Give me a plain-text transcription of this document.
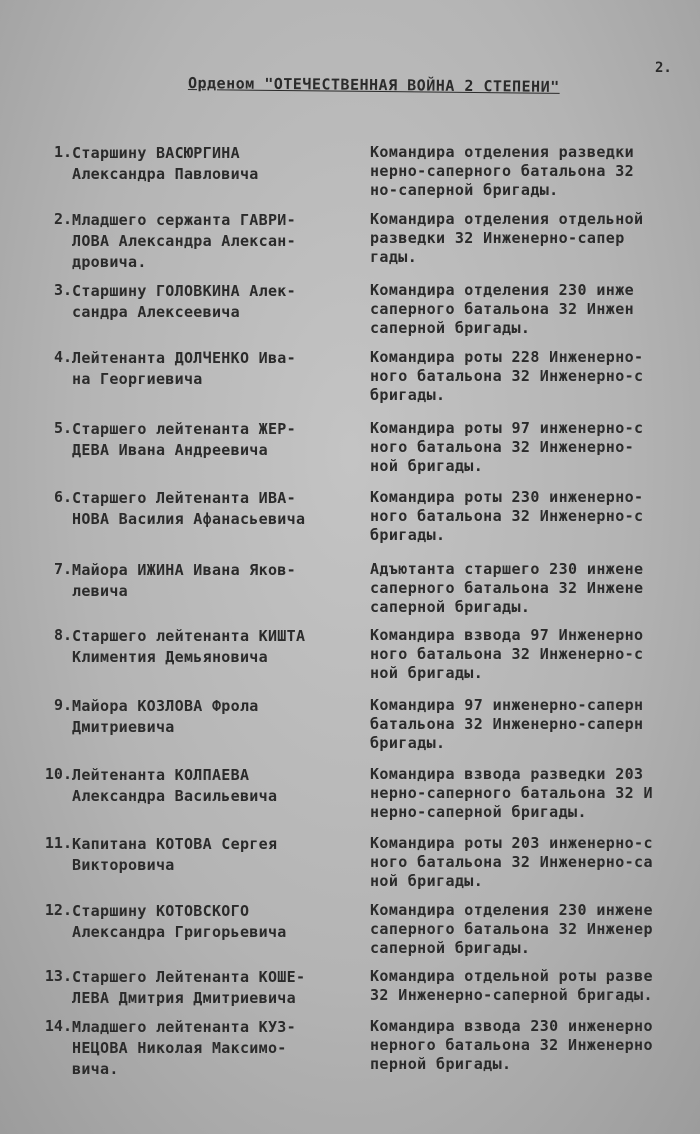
2.
Орденом "ОТЕЧЕСТВЕННАЯ ВОЙНА 2 СТЕПЕНИ"
1. Старшину ВАСЮРГИНА
Александра Павловича
Командира отделения разведки
нерно-саперного батальона 32
но-саперной бригады.
2. Младшего сержанта ГАВРИ-
ЛОВА Александра Алексан-
дровича.
Командира отделения отдельной
разведки 32 Инженерно-сапер
гады.
3. Старшину ГОЛОВКИНА Алек-
сандра Алексеевича
Командира отделения 230 инже
саперного батальона 32 Инжен
саперной бригады.
4. Лейтенанта ДОЛЧЕНКО Ива-
на Георгиевича
Командира роты 228 Инженерно-
ного батальона 32 Инженерно-с
бригады.
5. Старшего лейтенанта ЖЕР-
ДЕВА Ивана Андреевича
Командира роты 97 инженерно-с
ного батальона 32 Инженерно-
ной бригады.
6. Старшего Лейтенанта ИВА-
НОВА Василия Афанасьевича
Командира роты 230 инженерно-
ного батальона 32 Инженерно-с
бригады.
7. Майора ИЖИНА Ивана Яков-
левича
Адъютанта старшего 230 инжене
саперного батальона 32 Инжене
саперной бригады.
8. Старшего лейтенанта КИШТА
Климентия Демьяновича
Командира взвода 97 Инженерно
ного батальона 32 Инженерно-с
ной бригады.
9. Майора КОЗЛОВА Фрола
Дмитриевича
Командира 97 инженерно-саперн
батальона 32 Инженерно-саперн
бригады.
10. Лейтенанта КОЛПАЕВА
Александра Васильевича
Командира взвода разведки 203
нерно-саперного батальона 32 И
нерно-саперной бригады.
11. Капитана КОТОВА Сергея
Викторовича
Командира роты 203 инженерно-с
ного батальона 32 Инженерно-са
ной бригады.
12. Старшину КОТОВСКОГО
Александра Григорьевича
Командира отделения 230 инжене
саперного батальона 32 Инженер
саперной бригады.
13. Старшего Лейтенанта КОШЕ-
ЛЕВА Дмитрия Дмитриевича
Командира отдельной роты разве
32 Инженерно-саперной бригады.
14. Младшего лейтенанта КУЗ-
НЕЦОВА Николая Максимо-
вича.
Командира взвода 230 инженерно
нерного батальона 32 Инженерно
перной бригады.
